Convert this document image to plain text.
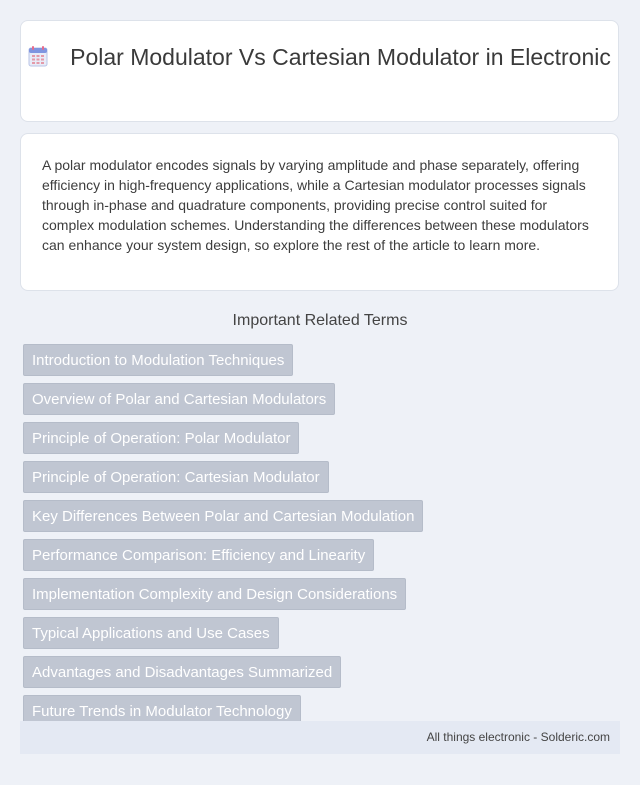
Polar Modulator Vs Cartesian Modulator in Electronic
A polar modulator encodes signals by varying amplitude and phase separately, offering efficiency in high-frequency applications, while a Cartesian modulator processes signals through in-phase and quadrature components, providing precise control suited for complex modulation schemes. Understanding the differences between these modulators can enhance your system design, so explore the rest of the article to learn more.
Important Related Terms
Introduction to Modulation Techniques
Overview of Polar and Cartesian Modulators
Principle of Operation: Polar Modulator
Principle of Operation: Cartesian Modulator
Key Differences Between Polar and Cartesian Modulation
Performance Comparison: Efficiency and Linearity
Implementation Complexity and Design Considerations
Typical Applications and Use Cases
Advantages and Disadvantages Summarized
Future Trends in Modulator Technology
All things electronic - Solderic.com
